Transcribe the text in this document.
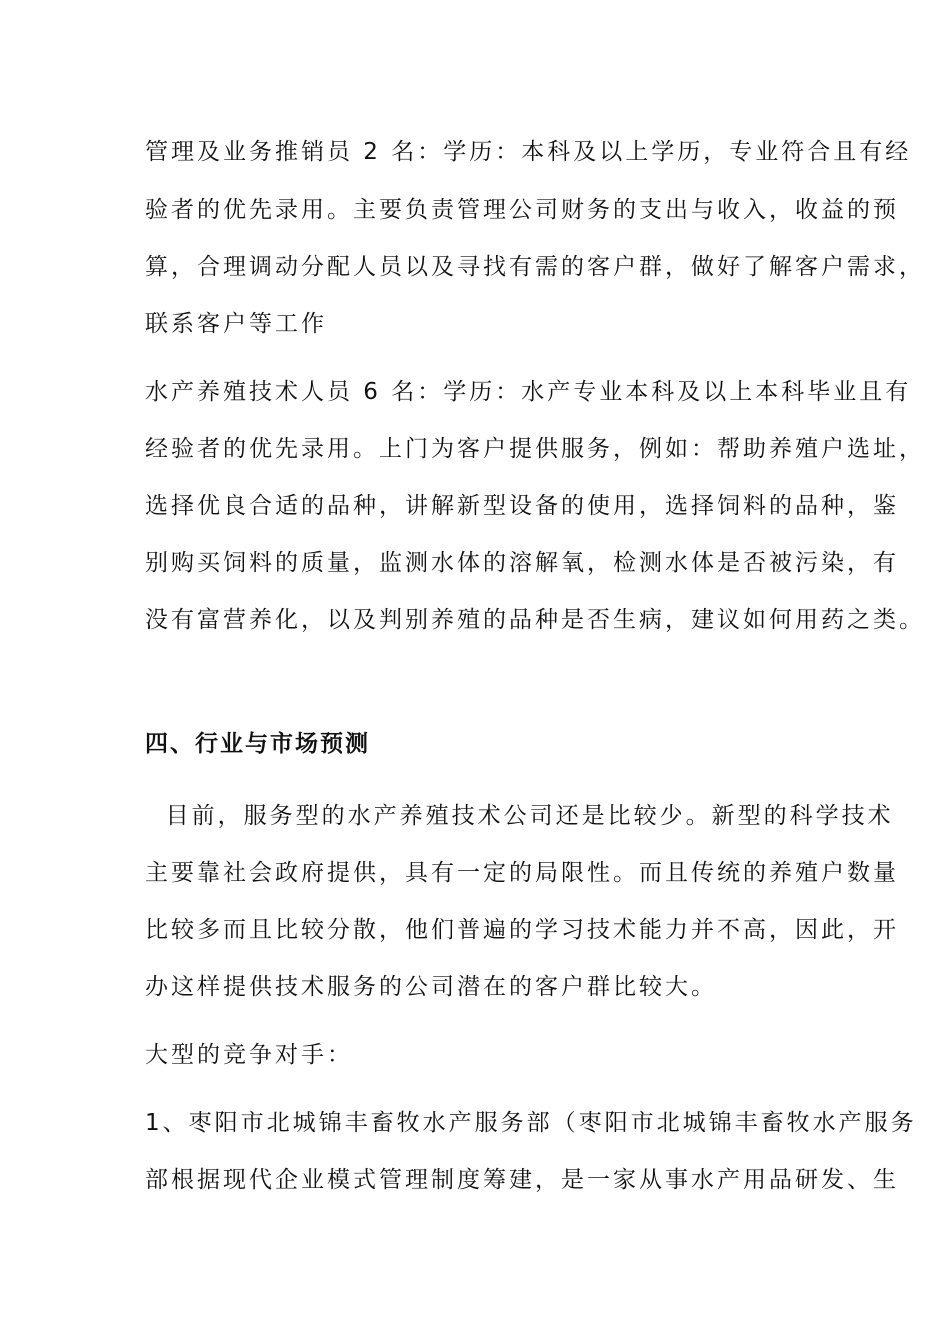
管理及业务推销员 2 名：学历：本科及以上学历，专业符合且有经
验者的优先录用。主要负责管理公司财务的支出与收入，收益的预
算，合理调动分配人员以及寻找有需的客户群，做好了解客户需求，
联系客户等工作
水产养殖技术人员 6 名：学历：水产专业本科及以上本科毕业且有
经验者的优先录用。上门为客户提供服务，例如：帮助养殖户选址，
选择优良合适的品种，讲解新型设备的使用，选择饲料的品种，鉴
别购买饲料的质量，监测水体的溶解氧，检测水体是否被污染，有
没有富营养化，以及判别养殖的品种是否生病，建议如何用药之类。
四、行业与市场预测
目前，服务型的水产养殖技术公司还是比较少。新型的科学技术
主要靠社会政府提供，具有一定的局限性。而且传统的养殖户数量
比较多而且比较分散，他们普遍的学习技术能力并不高，因此，开
办这样提供技术服务的公司潜在的客户群比较大。
大型的竞争对手：
1、枣阳市北城锦丰畜牧水产服务部（枣阳市北城锦丰畜牧水产服务
部根据现代企业模式管理制度筹建，是一家从事水产用品研发、生
